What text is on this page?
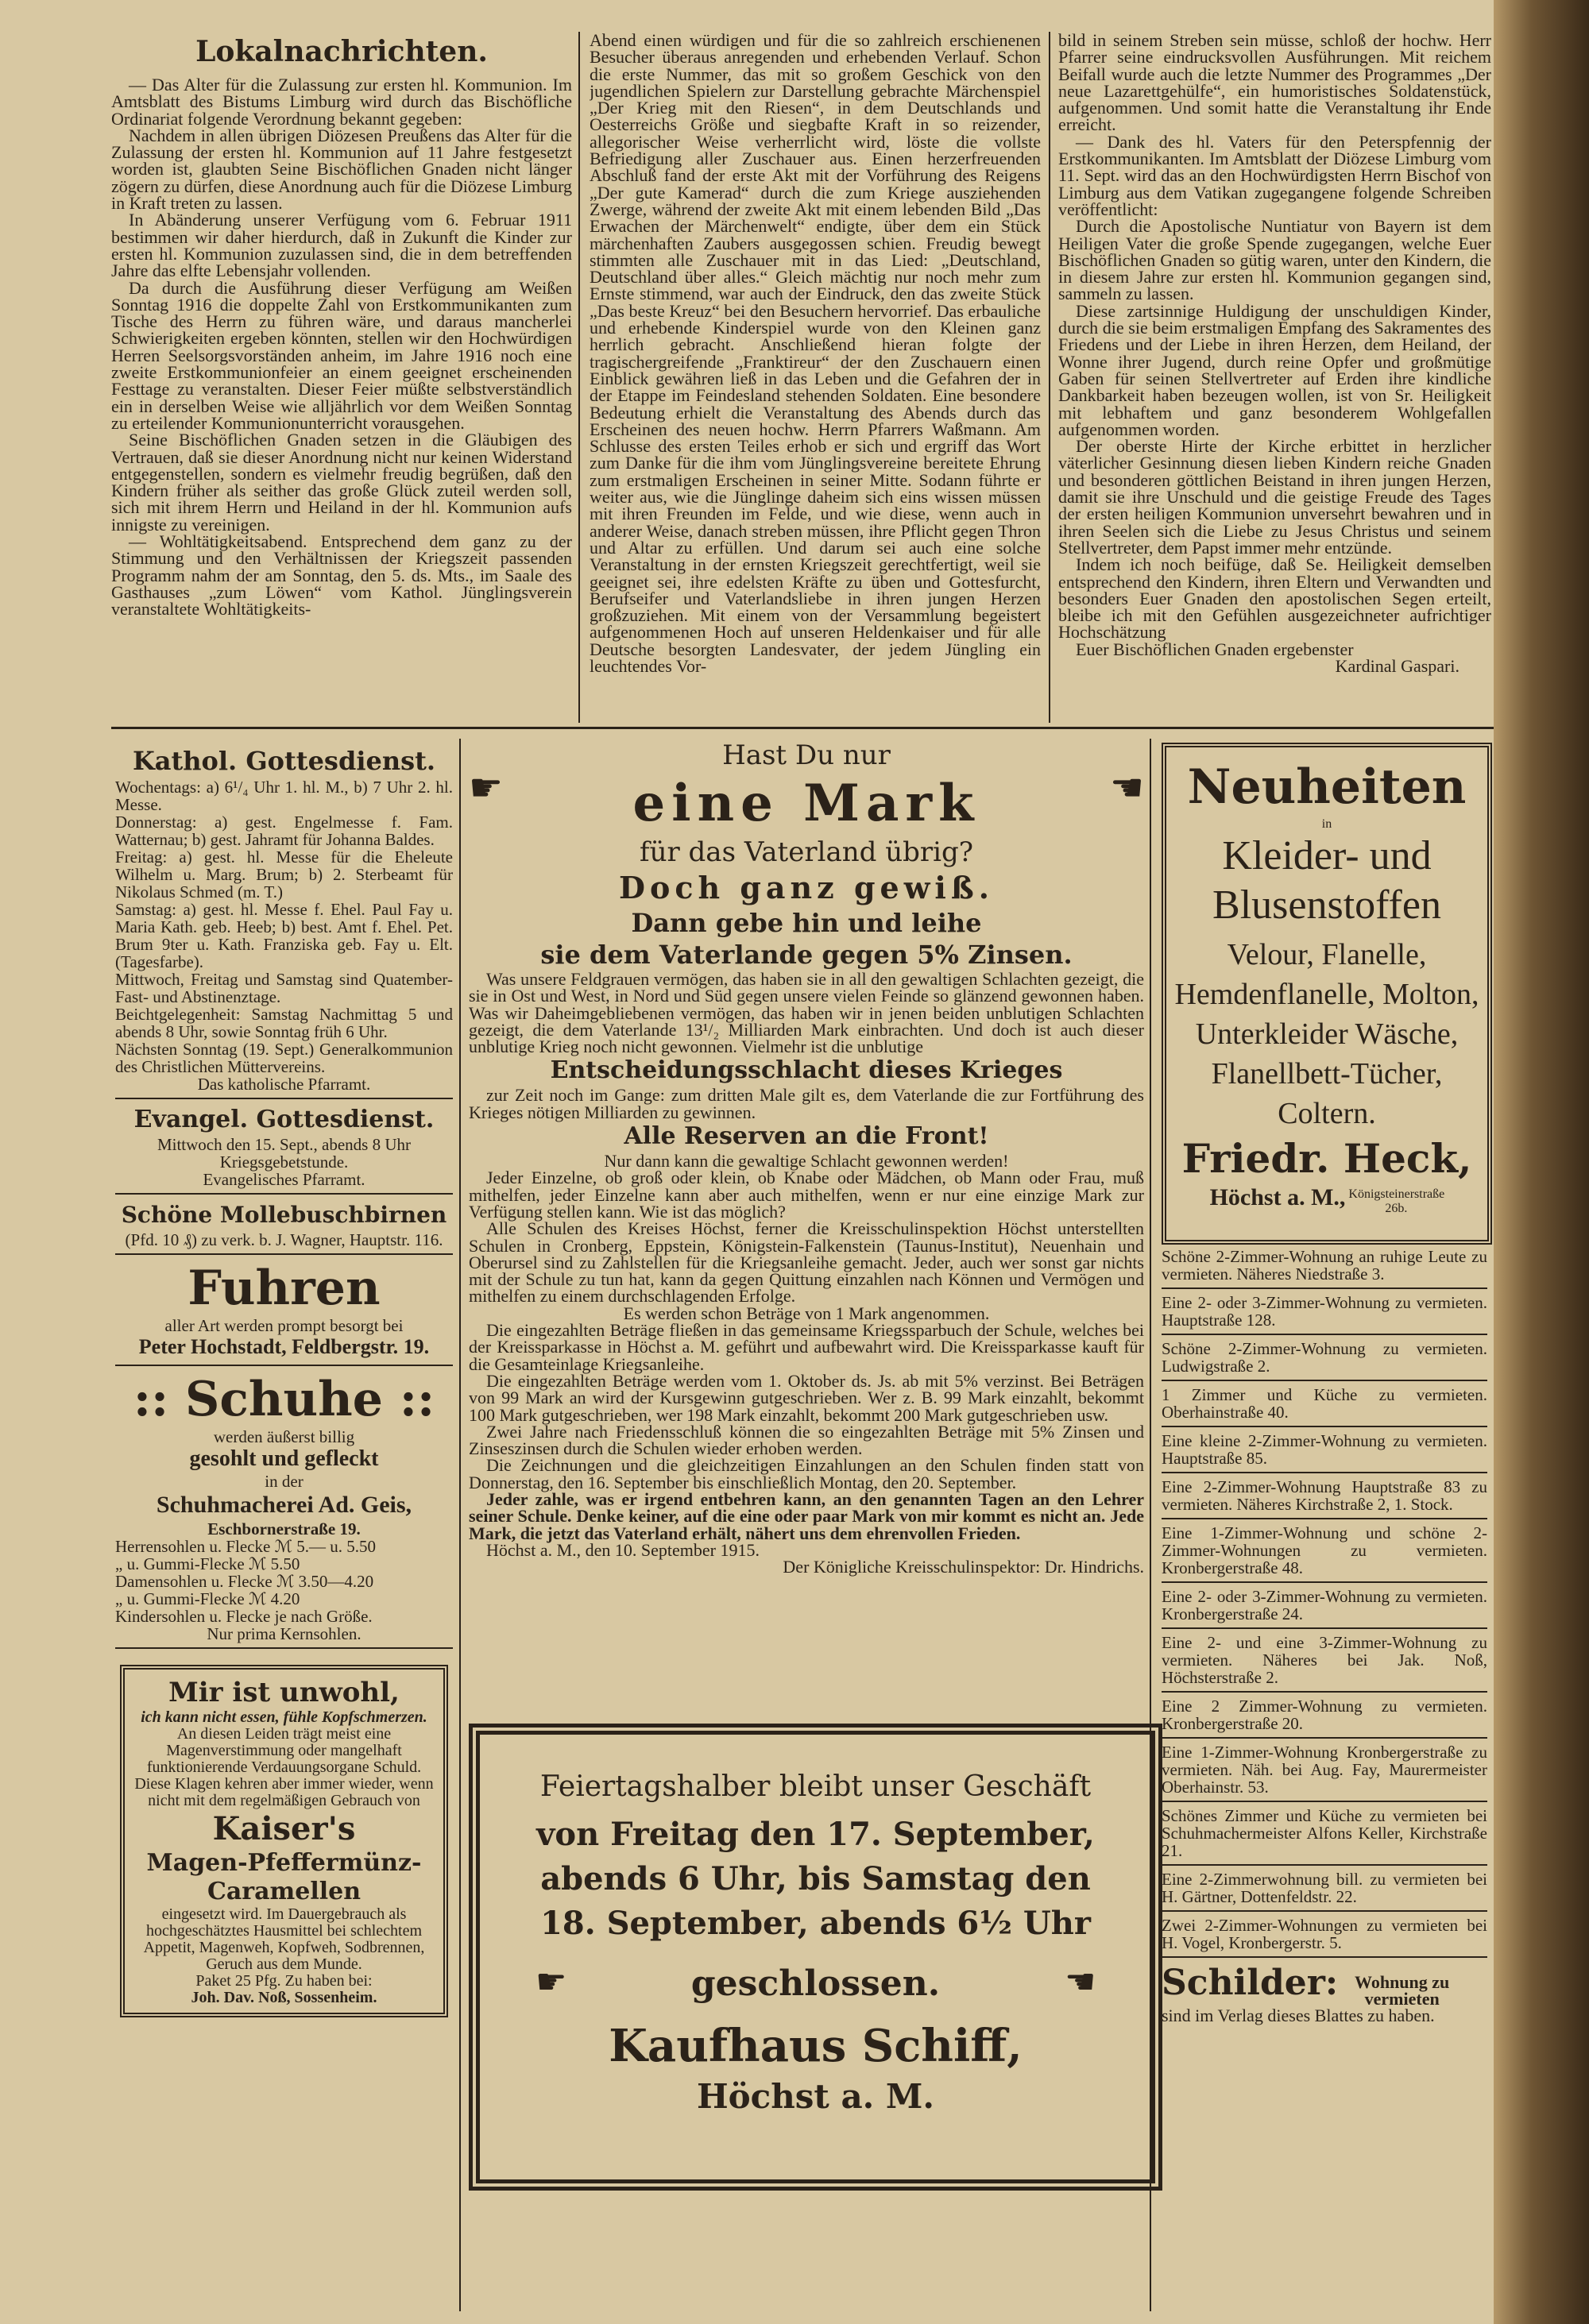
Lokalnachrichten.

— Das Alter für die Zulassung zur ersten hl. Kommunion. Im Amtsblatt des Bistums Limburg wird durch das Bischöfliche Ordinariat folgende Verordnung bekannt gegeben:

Nachdem in allen übrigen Diözesen Preußens das Alter für die Zulassung der ersten hl. Kommunion auf 11 Jahre festgesetzt worden ist, glaubten Seine Bischöflichen Gnaden nicht länger zögern zu dürfen, diese Anordnung auch für die Diözese Limburg in Kraft treten zu lassen.

In Abänderung unserer Verfügung vom 6. Februar 1911 bestimmen wir daher hierdurch, daß in Zukunft die Kinder zur ersten hl. Kommunion zuzulassen sind, die in dem betreffenden Jahre das elfte Lebensjahr vollenden.

Da durch die Ausführung dieser Verfügung am Weißen Sonntag 1916 die doppelte Zahl von Erstkommunikanten zum Tische des Herrn zu führen wäre, und daraus mancherlei Schwierigkeiten ergeben könnten, stellen wir den Hochwürdigen Herren Seelsorgsvorständen anheim, im Jahre 1916 noch eine zweite Erstkommunionfeier an einem geeignet erscheinenden Festtage zu veranstalten. Dieser Feier müßte selbstverständlich ein in derselben Weise wie alljährlich vor dem Weißen Sonntag zu erteilender Kommunionunterricht vorausgehen.

Seine Bischöflichen Gnaden setzen in die Gläubigen des Vertrauen, daß sie dieser Anordnung nicht nur keinen Widerstand entgegenstellen, sondern es vielmehr freudig begrüßen, daß den Kindern früher als seither das große Glück zuteil werden soll, sich mit ihrem Herrn und Heiland in der hl. Kommunion aufs innigste zu vereinigen.

— Wohltätigkeitsabend. Entsprechend dem ganz zu der Stimmung und den Verhältnissen der Kriegszeit passenden Programm nahm der am Sonntag, den 5. ds. Mts., im Saale des Gasthauses „zum Löwen“ vom Kathol. Jünglingsverein veranstaltete Wohltätigkeits-

Abend einen würdigen und für die so zahlreich erschienenen Besucher überaus anregenden und erhebenden Verlauf. Schon die erste Nummer, das mit so großem Geschick von den jugendlichen Spielern zur Darstellung gebrachte Märchenspiel „Der Krieg mit den Riesen“, in dem Deutschlands und Oesterreichs Größe und siegbafte Kraft in so reizender, allegorischer Weise verherrlicht wird, löste die vollste Befriedigung aller Zuschauer aus. Einen herzerfreuenden Abschluß fand der erste Akt mit der Vorführung des Reigens „Der gute Kamerad“ durch die zum Kriege ausziehenden Zwerge, während der zweite Akt mit einem lebenden Bild „Das Erwachen der Märchenwelt“ endigte, über dem ein Stück märchenhaften Zaubers ausgegossen schien. Freudig bewegt stimmten alle Zuschauer mit in das Lied: „Deutschland, Deutschland über alles.“ Gleich mächtig nur noch mehr zum Ernste stimmend, war auch der Eindruck, den das zweite Stück „Das beste Kreuz“ bei den Besuchern hervorrief. Das erbauliche und erhebende Kinderspiel wurde von den Kleinen ganz herrlich gebracht. Anschließend hieran folgte der tragischergreifende „Franktireur“ der den Zuschauern einen Einblick gewähren ließ in das Leben und die Gefahren der in der Etappe im Feindesland stehenden Soldaten. Eine besondere Bedeutung erhielt die Veranstaltung des Abends durch das Erscheinen des neuen hochw. Herrn Pfarrers Waßmann. Am Schlusse des ersten Teiles erhob er sich und ergriff das Wort zum Danke für die ihm vom Jünglingsvereine bereitete Ehrung zum erstmaligen Erscheinen in seiner Mitte. Sodann führte er weiter aus, wie die Jünglinge daheim sich eins wissen müssen mit ihren Freunden im Felde, und wie diese, wenn auch in anderer Weise, danach streben müssen, ihre Pflicht gegen Thron und Altar zu erfüllen. Und darum sei auch eine solche Veranstaltung in der ernsten Kriegszeit gerechtfertigt, weil sie geeignet sei, ihre edelsten Kräfte zu üben und Gottesfurcht, Berufseifer und Vaterlandsliebe in ihren jungen Herzen großzuziehen. Mit einem von der Versammlung begeistert aufgenommenen Hoch auf unseren Heldenkaiser und für alle Deutsche besorgten Landesvater, der jedem Jüngling ein leuchtendes Vor-

bild in seinem Streben sein müsse, schloß der hochw. Herr Pfarrer seine eindrucksvollen Ausführungen. Mit reichem Beifall wurde auch die letzte Nummer des Programmes „Der neue Lazarettgehülfe“, ein humoristisches Soldatenstück, aufgenommen. Und somit hatte die Veranstaltung ihr Ende erreicht.

— Dank des hl. Vaters für den Peterspfennig der Erstkommunikanten. Im Amtsblatt der Diözese Limburg vom 11. Sept. wird das an den Hochwürdigsten Herrn Bischof von Limburg aus dem Vatikan zugegangene folgende Schreiben veröffentlicht:

Durch die Apostolische Nuntiatur von Bayern ist dem Heiligen Vater die große Spende zugegangen, welche Euer Bischöflichen Gnaden so gütig waren, unter den Kindern, die in diesem Jahre zur ersten hl. Kommunion gegangen sind, sammeln zu lassen.

Diese zartsinnige Huldigung der unschuldigen Kinder, durch die sie beim erstmaligen Empfang des Sakramentes des Friedens und der Liebe in ihren Herzen, dem Heiland, der Wonne ihrer Jugend, durch reine Opfer und großmütige Gaben für seinen Stellvertreter auf Erden ihre kindliche Dankbarkeit haben bezeugen wollen, ist von Sr. Heiligkeit mit lebhaftem und ganz besonderem Wohlgefallen aufgenommen worden.

Der oberste Hirte der Kirche erbittet in herzlicher väterlicher Gesinnung diesen lieben Kindern reiche Gnaden und besonderen göttlichen Beistand in ihren jungen Herzen, damit sie ihre Unschuld und die geistige Freude des Tages der ersten heiligen Kommunion unversehrt bewahren und in ihren Seelen sich die Liebe zu Jesus Christus und seinem Stellvertreter, dem Papst immer mehr entzünde.

Indem ich noch beifüge, daß Se. Heiligkeit demselben entsprechend den Kindern, ihren Eltern und Verwandten und besonders Euer Gnaden den apostolischen Segen erteilt, bleibe ich mit den Gefühlen ausgezeichneter aufrichtiger Hochschätzung

Euer Bischöflichen Gnaden ergebenster

Kardinal Gaspari.

Kathol. Gottesdienst.

Wochentags: a) 6¹/₄ Uhr 1. hl. M., b) 7 Uhr 2. hl. Messe.

Donnerstag: a) gest. Engelmesse f. Fam. Watternau; b) gest. Jahramt für Johanna Baldes.

Freitag: a) gest. hl. Messe für die Eheleute Wilhelm u. Marg. Brum; b) 2. Sterbeamt für Nikolaus Schmed (m. T.)

Samstag: a) gest. hl. Messe f. Ehel. Paul Fay u. Maria Kath. geb. Heeb; b) best. Amt f. Ehel. Pet. Brum 9ter u. Kath. Franziska geb. Fay u. Elt. (Tagesfarbe).

Mittwoch, Freitag und Samstag sind Quatember-Fast- und Abstinenztage.

Beichtgelegenheit: Samstag Nachmittag 5 und abends 8 Uhr, sowie Sonntag früh 6 Uhr.

Nächsten Sonntag (19. Sept.) Generalkommunion des Christlichen Müttervereins.

Das katholische Pfarramt.

Evangel. Gottesdienst.

Mittwoch den 15. Sept., abends 8 Uhr Kriegsgebetstunde.

Evangelisches Pfarramt.

Schöne Mollebuschbirnen

(Pfd. 10 ₰) zu verk. b. J. Wagner, Hauptstr. 116.

Fuhren

aller Art werden prompt besorgt bei

Peter Hochstadt, Feldbergstr. 19.

:: Schuhe ::

werden äußerst billig

gesohlt und gefleckt

in der

Schuhmacherei Ad. Geis,

Eschbornerstraße 19.

Herrensohlen u. Flecke ℳ 5.— u. 5.50

„ u. Gummi-Flecke ℳ 5.50

Damensohlen u. Flecke ℳ 3.50—4.20

„ u. Gummi-Flecke ℳ 4.20

Kindersohlen u. Flecke je nach Größe.

Nur prima Kernsohlen.

Mir ist unwohl,

ich kann nicht essen, fühle Kopfschmerzen.

An diesen Leiden trägt meist eine Magenverstimmung oder mangelhaft funktionierende Verdauungsorgane Schuld. Diese Klagen kehren aber immer wieder, wenn nicht mit dem regelmäßigen Gebrauch von

Kaiser's
Magen-Pfeffermünz-Caramellen

eingesetzt wird. Im Dauergebrauch als hochgeschätztes Hausmittel bei schlechtem Appetit, Magenweh, Kopfweh, Sodbrennen, Geruch aus dem Munde.

Paket 25 Pfg. Zu haben bei:

Joh. Dav. Noß, Sossenheim.

Hast Du nur
☛	eine Mark	☛
für das Vaterland übrig?
Doch ganz gewiß.
Dann gebe hin und leihe
sie dem Vaterlande gegen 5% Zinsen.

Was unsere Feldgrauen vermögen, das haben sie in all den gewaltigen Schlachten gezeigt, die sie in Ost und West, in Nord und Süd gegen unsere vielen Feinde so glänzend gewonnen haben. Was wir Daheimgebliebenen vermögen, das haben wir in jenen beiden unblutigen Schlachten gezeigt, die dem Vaterlande 13¹/₂ Milliarden Mark einbrachten. Und doch ist auch dieser unblutige Krieg noch nicht gewonnen. Vielmehr ist die unblutige

Entscheidungsschlacht dieses Krieges

zur Zeit noch im Gange: zum dritten Male gilt es, dem Vaterlande die zur Fortführung des Krieges nötigen Milliarden zu gewinnen.

Alle Reserven an die Front!

Nur dann kann die gewaltige Schlacht gewonnen werden!

Jeder Einzelne, ob groß oder klein, ob Knabe oder Mädchen, ob Mann oder Frau, muß mithelfen, jeder Einzelne kann aber auch mithelfen, wenn er nur eine einzige Mark zur Verfügung stellen kann. Wie ist das möglich?

Alle Schulen des Kreises Höchst, ferner die Kreisschulinspektion Höchst unterstellten Schulen in Cronberg, Eppstein, Königstein-Falkenstein (Taunus-Institut), Neuenhain und Oberursel sind zu Zahlstellen für die Kriegsanleihe gemacht. Jeder, auch wer sonst gar nichts mit der Schule zu tun hat, kann da gegen Quittung einzahlen nach Können und Vermögen und mithelfen zu einem durchschlagenden Erfolge.

Es werden schon Beträge von 1 Mark angenommen.

Die eingezahlten Beträge fließen in das gemeinsame Kriegssparbuch der Schule, welches bei der Kreissparkasse in Höchst a. M. geführt und aufbewahrt wird. Die Kreissparkasse kauft für die Gesamteinlage Kriegsanleihe.

Die eingezahlten Beträge werden vom 1. Oktober ds. Js. ab mit 5% verzinst. Bei Beträgen von 99 Mark an wird der Kursgewinn gutgeschrieben. Wer z. B. 99 Mark einzahlt, bekommt 100 Mark gutgeschrieben, wer 198 Mark einzahlt, bekommt 200 Mark gutgeschrieben usw.

Zwei Jahre nach Friedensschluß können die so eingezahlten Beträge mit 5% Zinsen und Zinseszinsen durch die Schulen wieder erhoben werden.

Die Zeichnungen und die gleichzeitigen Einzahlungen an den Schulen finden statt von Donnerstag, den 16. September bis einschließlich Montag, den 20. September.

Jeder zahle, was er irgend entbehren kann, an den genannten Tagen an den Lehrer seiner Schule. Denke keiner, auf die eine oder paar Mark von mir kommt es nicht an. Jede Mark, die jetzt das Vaterland erhält, nähert uns dem ehrenvollen Frieden.

Höchst a. M., den 10. September 1915.

Der Königliche Kreisschulinspektor: Dr. Hindrichs.

Feiertagshalber bleibt unser Geschäft
von Freitag den 17. September, abends 6 Uhr, bis Samstag den 18. September, abends 6½ Uhr
☛	geschlossen.	☛
Kaufhaus Schiff,
Höchst a. M.
Neuheiten
in
Kleider- und Blusenstoffen
Velour, Flanelle, Hemdenflanelle, Molton, Unterkleider Wäsche, Flanellbett-Tücher, Coltern.
Friedr. Heck,
Höchst a. M., Königsteinerstraße 26b.

Schöne 2-Zimmer-Wohnung an ruhige Leute zu vermieten. Näheres Niedstraße 3.

Eine 2- oder 3-Zimmer-Wohnung zu vermieten. Hauptstraße 128.

Schöne 2-Zimmer-Wohnung zu vermieten. Ludwigstraße 2.

1 Zimmer und Küche zu vermieten. Oberhainstraße 40.

Eine kleine 2-Zimmer-Wohnung zu vermieten. Hauptstraße 85.

Eine 2-Zimmer-Wohnung Hauptstraße 83 zu vermieten. Näheres Kirchstraße 2, 1. Stock.

Eine 1-Zimmer-Wohnung und schöne 2-Zimmer-Wohnungen zu vermieten. Kronbergerstraße 48.

Eine 2- oder 3-Zimmer-Wohnung zu vermieten. Kronbergerstraße 24.

Eine 2- und eine 3-Zimmer-Wohnung zu vermieten. Näheres bei Jak. Noß, Höchsterstraße 2.

Eine 2 Zimmer-Wohnung zu vermieten. Kronbergerstraße 20.

Eine 1-Zimmer-Wohnung Kronbergerstraße zu vermieten. Näh. bei Aug. Fay, Maurermeister Oberhainstr. 53.

Schönes Zimmer und Küche zu vermieten bei Schuhmachermeister Alfons Keller, Kirchstraße 21.

Eine 2-Zimmerwohnung bill. zu vermieten bei H. Gärtner, Dottenfeldstr. 22.

Zwei 2-Zimmer-Wohnungen zu vermieten bei H. Vogel, Kronbergerstr. 5.

Schilder: Wohnung zu vermieten

sind im Verlag dieses Blattes zu haben.
